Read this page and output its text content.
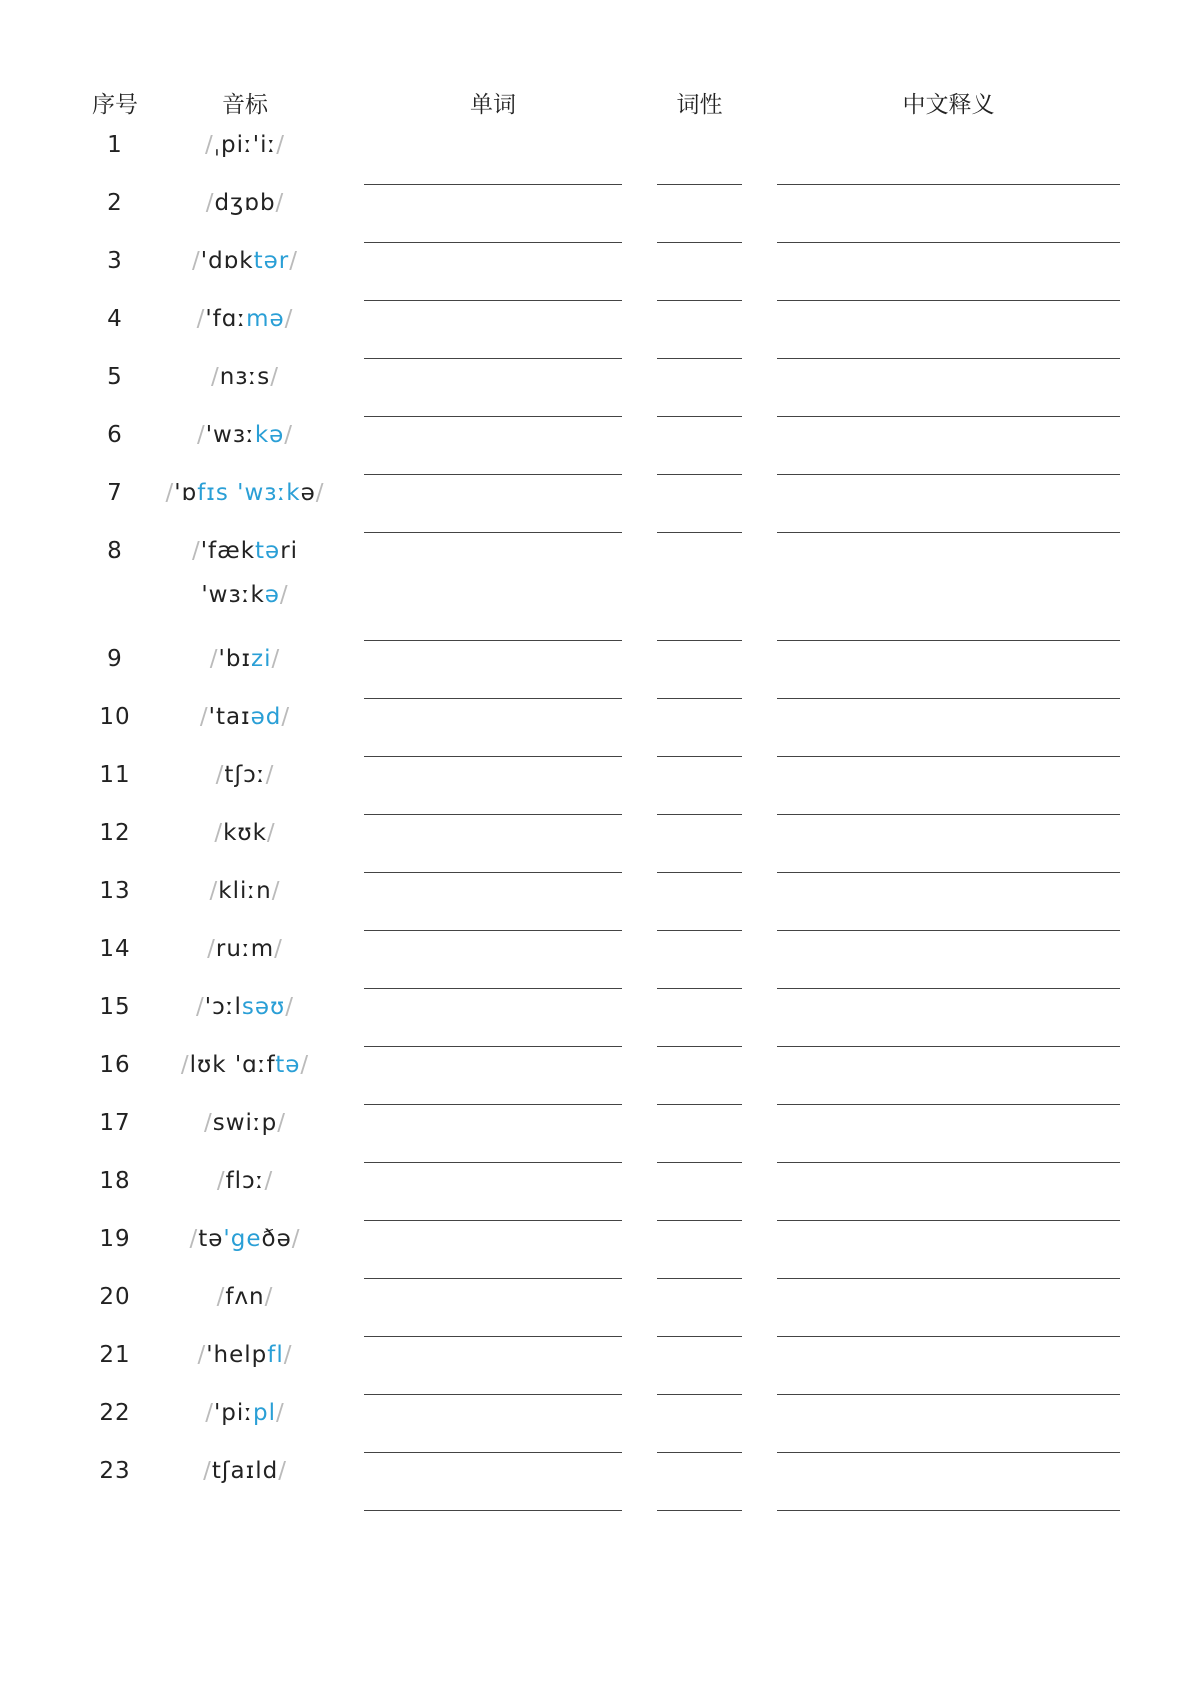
序号	音标	单词	词性	中文释义
1	/ˌpiː'iː/
2	/dʒɒb/
3	/'dɒktər/
4	/'fɑːmə/
5	/nɜːs/
6	/'wɜːkə/
7	/'ɒfɪs 'wɜːkə/
8	/'fæktəri
'wɜːkə/
9	/'bɪzi/
10	/'taɪəd/
11	/tʃɔː/
12	/kʊk/
13	/kliːn/
14	/ruːm/
15	/'ɔːlsəʊ/
16	/lʊk 'ɑːftə/
17	/swiːp/
18	/flɔː/
19	/tə'geðə/
20	/fʌn/
21	/'helpfl/
22	/'piːpl/
23	/tʃaɪld/
